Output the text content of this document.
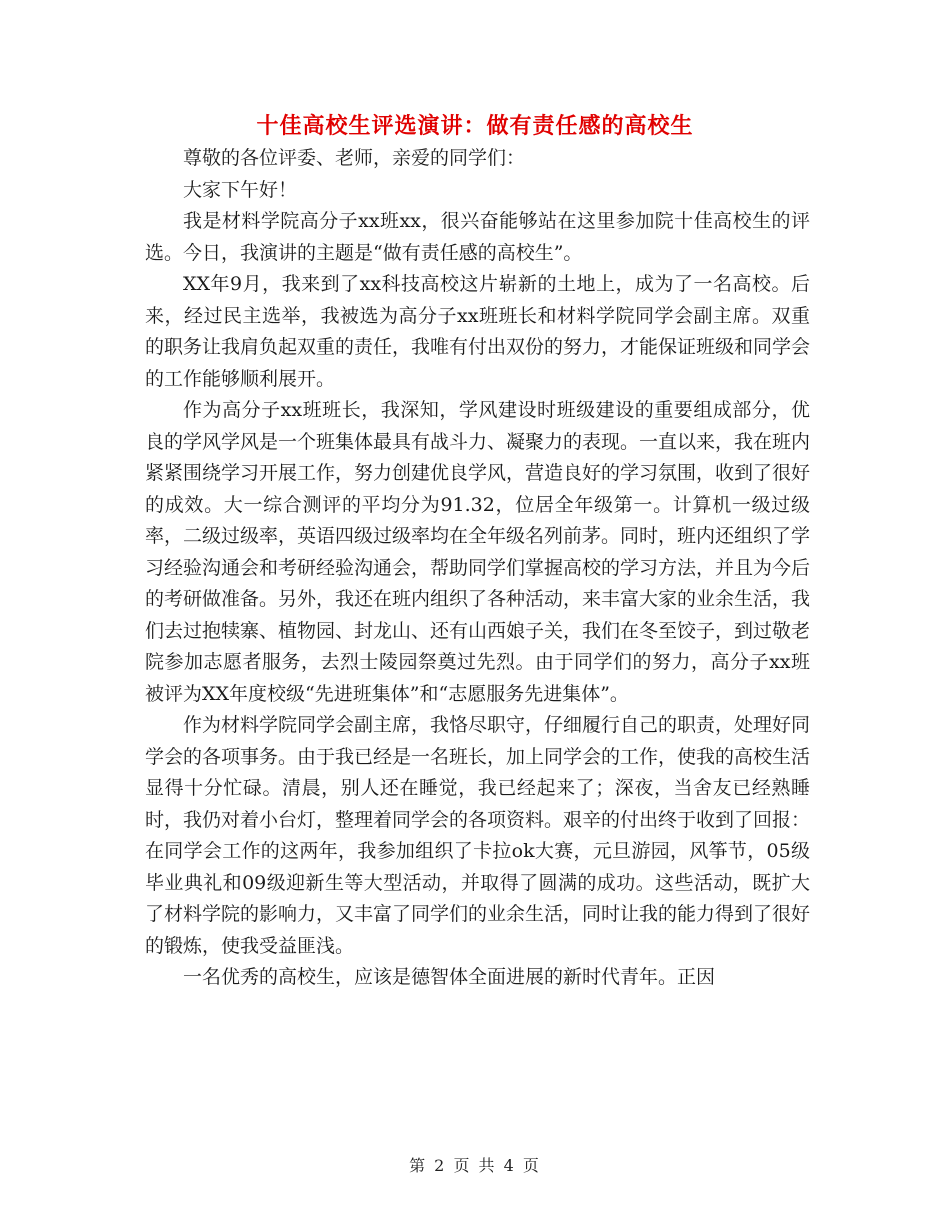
十佳高校生评选演讲：做有责任感的高校生

尊敬的各位评委、老师，亲爱的同学们：

大家下午好！

我是材料学院高分子xx班xx，很兴奋能够站在这里参加院十佳高校生的评选。今日，我演讲的主题是“做有责任感的高校生”。

XX年9月，我来到了xx科技高校这片崭新的土地上，成为了一名高校。后来，经过民主选举，我被选为高分子xx班班长和材料学院同学会副主席。双重的职务让我肩负起双重的责任，我唯有付出双份的努力，才能保证班级和同学会的工作能够顺利展开。

作为高分子xx班班长，我深知，学风建设时班级建设的重要组成部分，优良的学风学风是一个班集体最具有战斗力、凝聚力的表现。一直以来，我在班内紧紧围绕学习开展工作，努力创建优良学风，营造良好的学习氛围，收到了很好的成效。大一综合测评的平均分为91.32，位居全年级第一。计算机一级过级率，二级过级率，英语四级过级率均在全年级名列前茅。同时，班内还组织了学习经验沟通会和考研经验沟通会，帮助同学们掌握高校的学习方法，并且为今后的考研做准备。另外，我还在班内组织了各种活动，来丰富大家的业余生活，我们去过抱犊寨、植物园、封龙山、还有山西娘子关，我们在冬至饺子，到过敬老院参加志愿者服务，去烈士陵园祭奠过先烈。由于同学们的努力，高分子xx班被评为XX年度校级“先进班集体”和“志愿服务先进集体”。

作为材料学院同学会副主席，我恪尽职守，仔细履行自己的职责，处理好同学会的各项事务。由于我已经是一名班长，加上同学会的工作，使我的高校生活显得十分忙碌。清晨，别人还在睡觉，我已经起来了；深夜，当舍友已经熟睡时，我仍对着小台灯，整理着同学会的各项资料。艰辛的付出终于收到了回报：在同学会工作的这两年，我参加组织了卡拉ok大赛，元旦游园，风筝节，05级毕业典礼和09级迎新生等大型活动，并取得了圆满的成功。这些活动，既扩大了材料学院的影响力，又丰富了同学们的业余生活，同时让我的能力得到了很好的锻炼，使我受益匪浅。

一名优秀的高校生，应该是德智体全面进展的新时代青年。正因

第 2 页 共 4 页
